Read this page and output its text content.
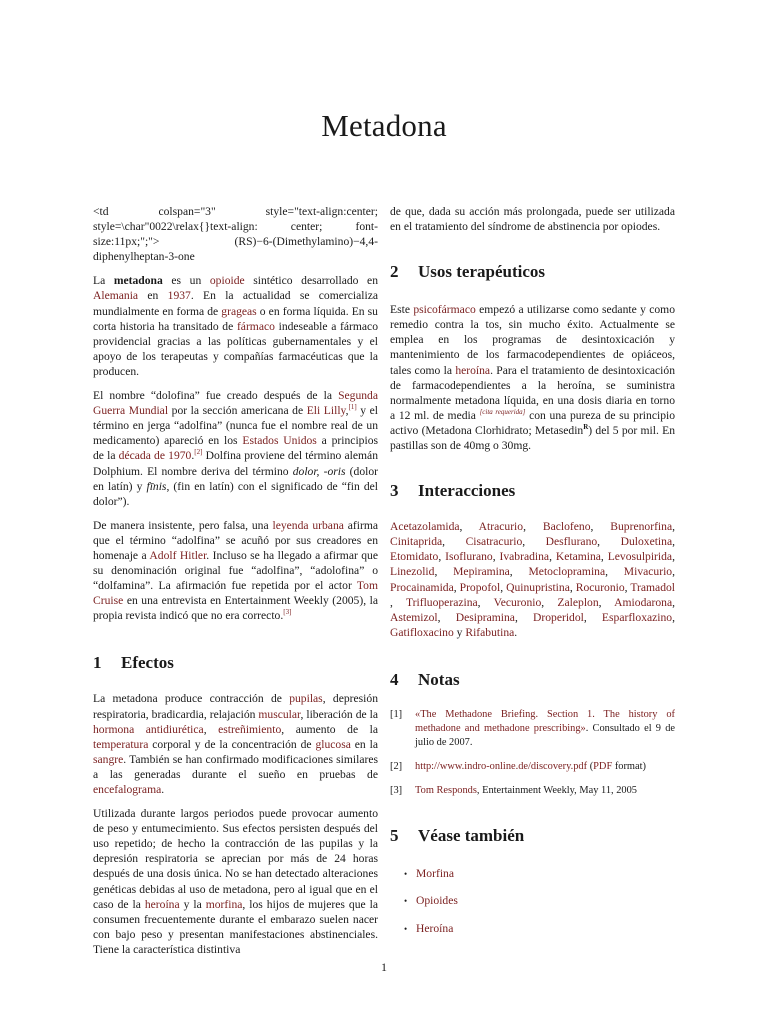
Metadona

<td colspan="3" style="text-align:center; style=\char"0022\relax{}text-align: center; font-size:11px;";"> (RS)−6-(Dimethylamino)−4,4-diphenylheptan-3-one

La metadona es un opioide sintético desarrollado en Alemania en 1937. En la actualidad se comercializa mundialmente en forma de grageas o en forma líquida. En su corta historia ha transitado de fármaco indeseable a fármaco providencial gracias a las políticas gubernamentales y el apoyo de los terapeutas y compañías farmacéuticas que la producen.

El nombre “dolofina” fue creado después de la Segunda Guerra Mundial por la sección americana de Eli Lilly,[1] y el término en jerga “adolfina” (nunca fue el nombre real de un medicamento) apareció en los Estados Unidos a principios de la década de 1970.[2] Dolfina proviene del término alemán Dolphium. El nombre deriva del término dolor, -oris (dolor en latín) y fīnis, (fin en latín) con el significado de “fin del dolor”).

De manera insistente, pero falsa, una leyenda urbana afirma que el término “adolfina” se acuñó por sus creadores en homenaje a Adolf Hitler. Incluso se ha llegado a afirmar que su denominación original fue “adolfina”, “adolofina” o “dolfamina”. La afirmación fue repetida por el actor Tom Cruise en una entrevista en Entertainment Weekly (2005), la propia revista indicó que no era correcto.[3]

1	Efectos

La metadona produce contracción de pupilas, depresión respiratoria, bradicardia, relajación muscular, liberación de la hormona antidiurética, estreñimiento, aumento de la temperatura corporal y de la concentración de glucosa en la sangre. También se han confirmado modificaciones similares a las generadas durante el sueño en pruebas de encefalograma.

Utilizada durante largos periodos puede provocar aumento de peso y entumecimiento. Sus efectos persisten después del uso repetido; de hecho la contracción de las pupilas y la depresión respiratoria se aprecian por más de 24 horas después de una dosis única. No se han detectado alteraciones genéticas debidas al uso de metadona, pero al igual que en el caso de la heroína y la morfina, los hijos de mujeres que la consumen frecuentemente durante el embarazo suelen nacer con bajo peso y presentan manifestaciones abstinenciales. Tiene la característica distintiva

de que, dada su acción más prolongada, puede ser utilizada en el tratamiento del síndrome de abstinencia por opiodes.

2	Usos terapéuticos

Este psicofármaco empezó a utilizarse como sedante y como remedio contra la tos, sin mucho éxito. Actualmente se emplea en los programas de desintoxicación y mantenimiento de los farmacodependientes de opiáceos, tales como la heroína. Para el tratamiento de desintoxicación de farmacodependientes a la heroína, se suministra normalmente metadona líquida, en una dosis diaria en torno a 12 ml. de media [cita requerida] con una pureza de su principio activo (Metadona Clorhidrato; Metasedin$^R$) del 5 por mil. En pastillas son de 40mg o 30mg.

3	Interacciones

Acetazolamida, Atracurio, Baclofeno, Buprenorfina, Cinitaprida, Cisatracurio, Desflurano, Duloxetina, Etomidato, Isoflurano, Ivabradina, Ketamina, Levosulpirida, Linezolid, Mepiramina, Metoclopramina, Mivacurio, Procainamida, Propofol, Quinupristina, Rocuronio, Tramadol , Trifluoperazina, Vecuronio, Zaleplon, Amiodarona, Astemizol, Desipramina, Droperidol, Esparfloxazino, Gatifloxacino y Rifabutina.

4	Notas
[1]	«The Methadone Briefing. Section 1. The history of methadone and methadone prescribing». Consultado el 9 de julio de 2007.
[2]	http://www.indro-online.de/discovery.pdf (PDF format)
[3]	Tom Responds, Entertainment Weekly, May 11, 2005
5	Véase también
• Morfina
• Opioides
• Heroína
1
